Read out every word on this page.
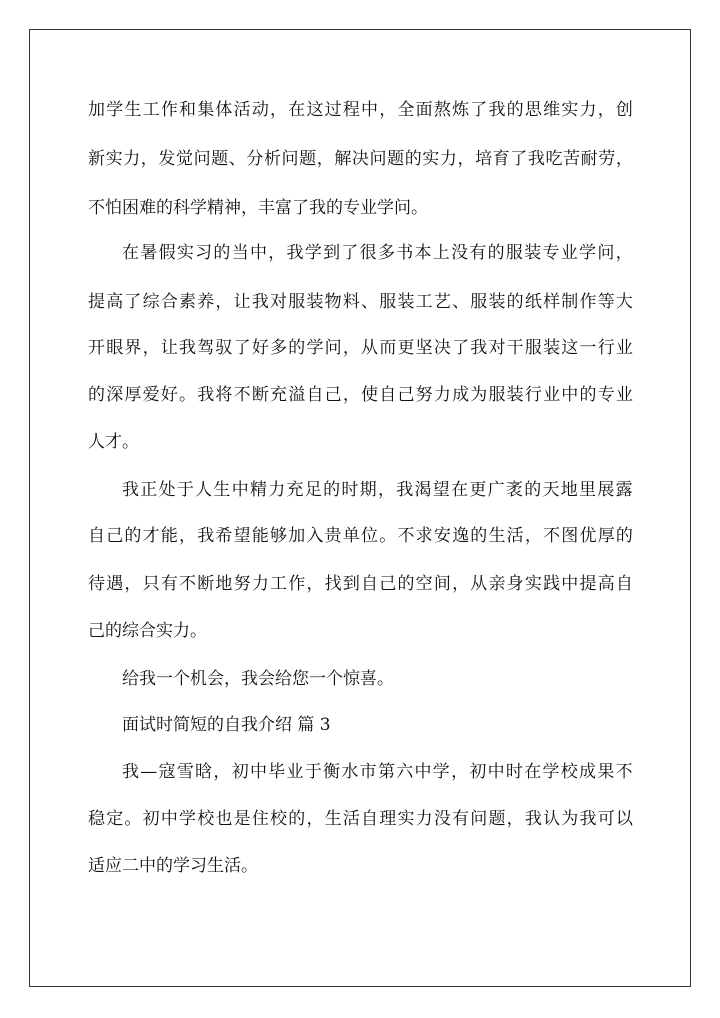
加 学 生 工 作 和 集 体 活 动 ， 在 这 过 程 中 ， 全 面 熬 炼 了 我 的 思 维 实 力 ， 创
新 实 力 ， 发 觉 问 题 、 分 析 问 题 ， 解 决 问 题 的 实 力 ， 培 育 了 我 吃 苦 耐 劳 ，
不怕困难的科学精神，丰富了我的专业学问。
在 暑 假 实 习 的 当 中 ， 我 学 到 了 很 多 书 本 上 没 有 的 服 装 专 业 学 问 ，
提 高 了 综 合 素 养 ， 让 我 对 服 装 物 料 、 服 装 工 艺 、 服 装 的 纸 样 制 作 等 大
开 眼 界 ， 让 我 驾 驭 了 好 多 的 学 问 ， 从 而 更 坚 决 了 我 对 干 服 装 这 一 行 业
的 深 厚 爱 好 。 我 将 不 断 充 溢 自 己 ， 使 自 己 努 力 成 为 服 装 行 业 中 的 专 业
人才。
我 正 处 于 人 生 中 精 力 充 足 的 时 期 ， 我 渴 望 在 更 广 袤 的 天 地 里 展 露
自 己 的 才 能 ， 我 希 望 能 够 加 入 贵 单 位 。 不 求 安 逸 的 生 活 ， 不 图 优 厚 的
待 遇 ， 只 有 不 断 地 努 力 工 作 ， 找 到 自 己 的 空 间 ， 从 亲 身 实 践 中 提 高 自
己的综合实力。
给我一个机会，我会给您一个惊喜。
面试时简短的自我介绍 篇 3
我 — 寇 雪 晗 ， 初 中 毕 业 于 衡 水 市 第 六 中 学 ， 初 中 时 在 学 校 成 果 不
稳 定 。 初 中 学 校 也 是 住 校 的 ， 生 活 自 理 实 力 没 有 问 题 ， 我 认 为 我 可 以
适应二中的学习生活。
